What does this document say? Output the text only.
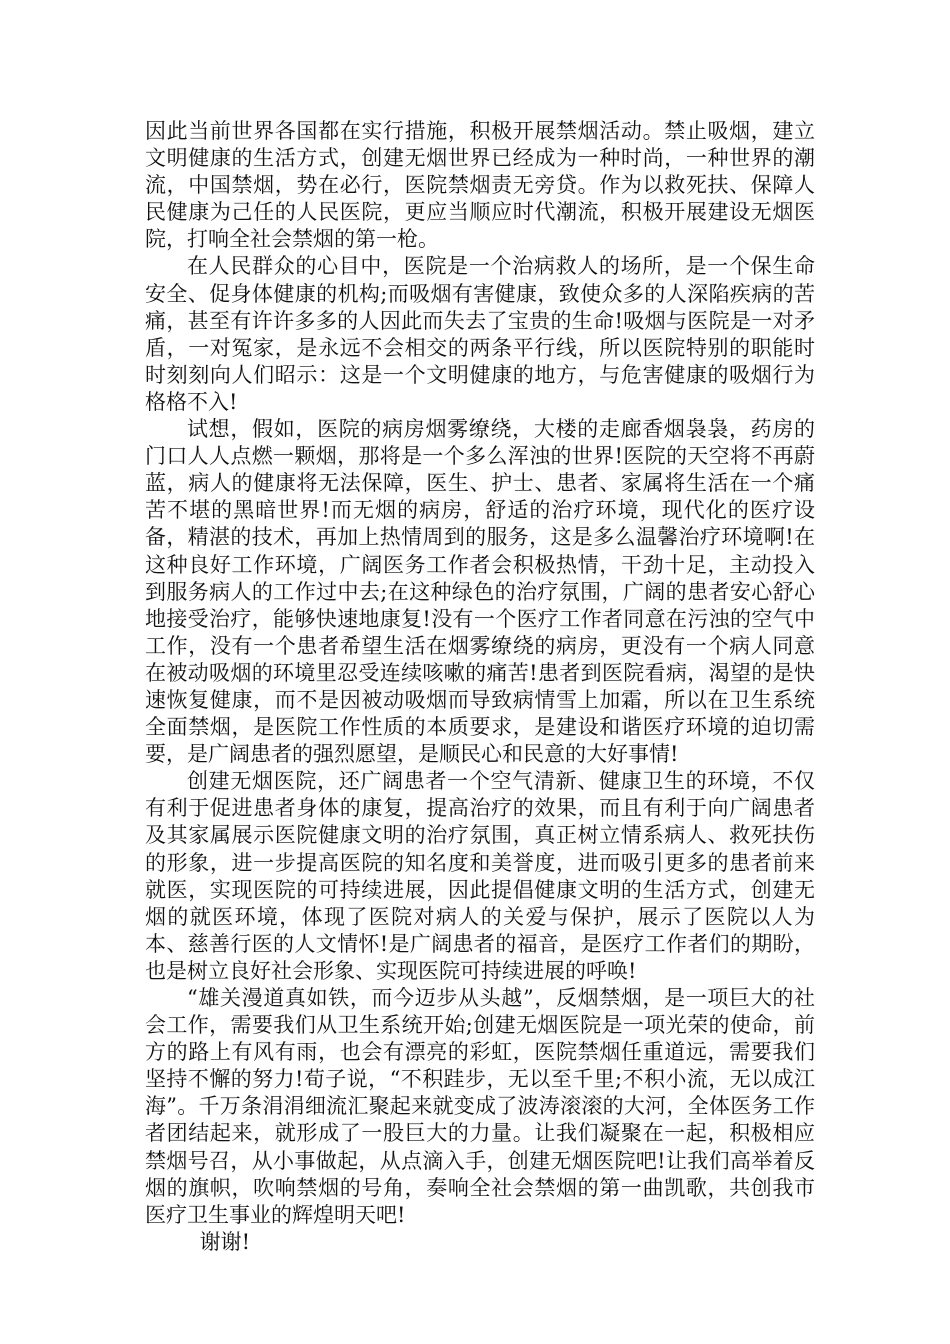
因此当前世界各国都在实行措施，积极开展禁烟活动。禁止吸烟，建立文明健康的生活方式，创建无烟世界已经成为一种时尚，一种世界的潮流，中国禁烟，势在必行，医院禁烟责无旁贷。作为以救死扶、保障人民健康为己任的人民医院，更应当顺应时代潮流，积极开展建设无烟医院，打响全社会禁烟的第一枪。

在人民群众的心目中，医院是一个治病救人的场所，是一个保生命安全、促身体健康的机构;而吸烟有害健康，致使众多的人深陷疾病的苦痛，甚至有许许多多的人因此而失去了宝贵的生命!吸烟与医院是一对矛盾，一对冤家，是永远不会相交的两条平行线，所以医院特别的职能时时刻刻向人们昭示：这是一个文明健康的地方，与危害健康的吸烟行为格格不入!

试想，假如，医院的病房烟雾缭绕，大楼的走廊香烟袅袅，药房的门口人人点燃一颗烟，那将是一个多么浑浊的世界!医院的天空将不再蔚蓝，病人的健康将无法保障，医生、护士、患者、家属将生活在一个痛苦不堪的黑暗世界!而无烟的病房，舒适的治疗环境，现代化的医疗设备，精湛的技术，再加上热情周到的服务，这是多么温馨治疗环境啊!在这种良好工作环境，广阔医务工作者会积极热情，干劲十足，主动投入到服务病人的工作过中去;在这种绿色的治疗氛围，广阔的患者安心舒心地接受治疗，能够快速地康复!没有一个医疗工作者同意在污浊的空气中工作，没有一个患者希望生活在烟雾缭绕的病房，更没有一个病人同意在被动吸烟的环境里忍受连续咳嗽的痛苦!患者到医院看病，渴望的是快速恢复健康，而不是因被动吸烟而导致病情雪上加霜，所以在卫生系统全面禁烟，是医院工作性质的本质要求，是建设和谐医疗环境的迫切需要，是广阔患者的强烈愿望，是顺民心和民意的大好事情!

创建无烟医院，还广阔患者一个空气清新、健康卫生的环境，不仅有利于促进患者身体的康复，提高治疗的效果，而且有利于向广阔患者及其家属展示医院健康文明的治疗氛围，真正树立情系病人、救死扶伤的形象，进一步提高医院的知名度和美誉度，进而吸引更多的患者前来就医，实现医院的可持续进展，因此提倡健康文明的生活方式，创建无烟的就医环境，体现了医院对病人的关爱与保护，展示了医院以人为本、慈善行医的人文情怀!是广阔患者的福音，是医疗工作者们的期盼，也是树立良好社会形象、实现医院可持续进展的呼唤!

“雄关漫道真如铁，而今迈步从头越”，反烟禁烟，是一项巨大的社会工作，需要我们从卫生系统开始;创建无烟医院是一项光荣的使命，前方的路上有风有雨，也会有漂亮的彩虹，医院禁烟任重道远，需要我们坚持不懈的努力!荀子说，“不积跬步，无以至千里;不积小流，无以成江海”。千万条涓涓细流汇聚起来就变成了波涛滚滚的大河，全体医务工作者团结起来，就形成了一股巨大的力量。让我们凝聚在一起，积极相应禁烟号召，从小事做起，从点滴入手，创建无烟医院吧!让我们高举着反烟的旗帜，吹响禁烟的号角，奏响全社会禁烟的第一曲凯歌，共创我市医疗卫生事业的辉煌明天吧!

谢谢!
